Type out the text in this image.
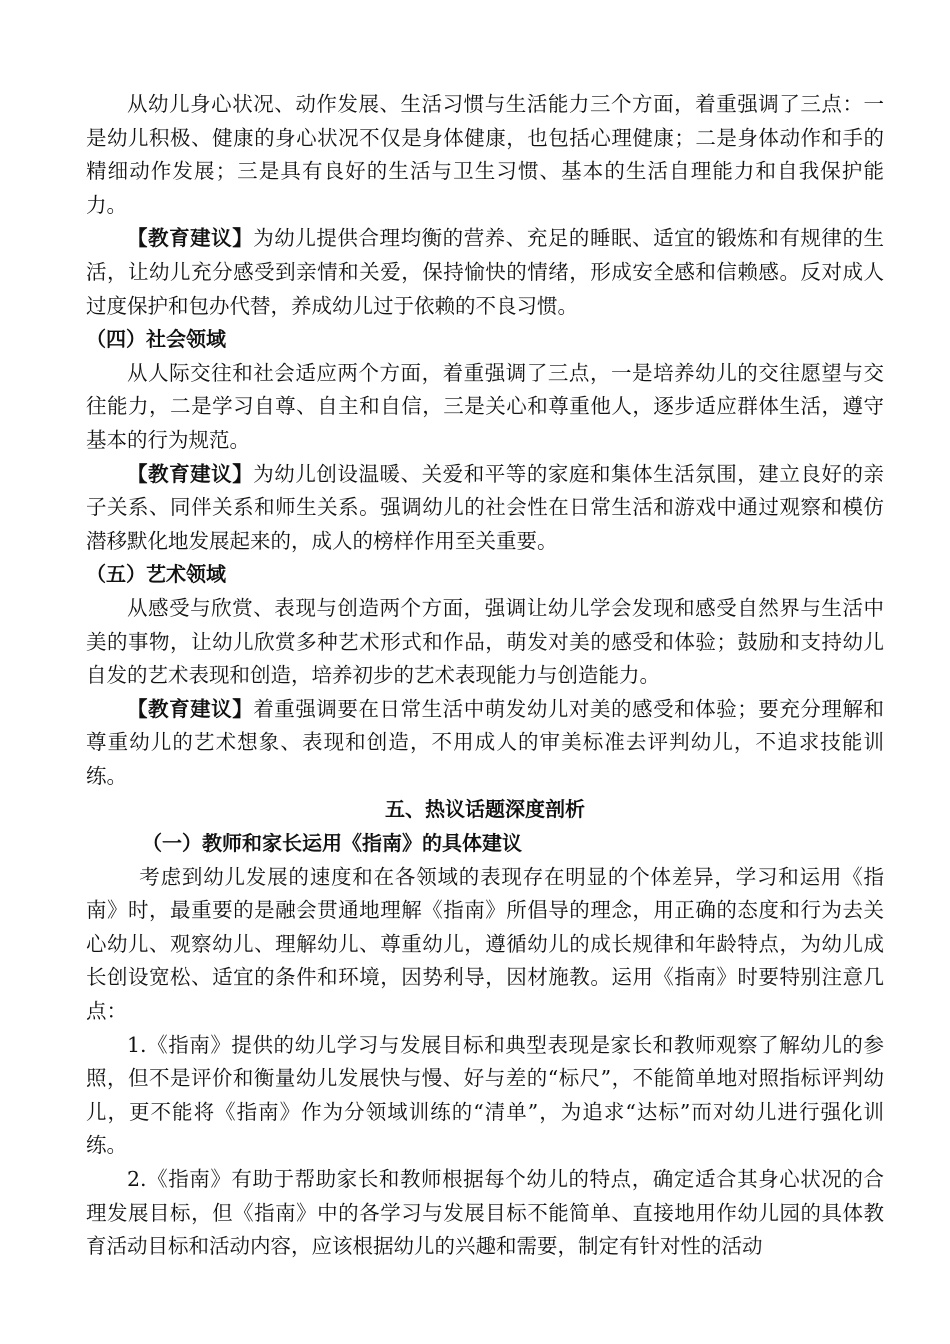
从幼儿身心状况、动作发展、生活习惯与生活能力三个方面，着重强调了三点：一是幼儿积极、健康的身心状况不仅是身体健康，也包括心理健康；二是身体动作和手的精细动作发展；三是具有良好的生活与卫生习惯、基本的生活自理能力和自我保护能力。

【教育建议】为幼儿提供合理均衡的营养、充足的睡眠、适宜的锻炼和有规律的生活，让幼儿充分感受到亲情和关爱，保持愉快的情绪，形成安全感和信赖感。反对成人过度保护和包办代替，养成幼儿过于依赖的不良习惯。

（四）社会领域

从人际交往和社会适应两个方面，着重强调了三点，一是培养幼儿的交往愿望与交往能力，二是学习自尊、自主和自信，三是关心和尊重他人，逐步适应群体生活，遵守基本的行为规范。

【教育建议】为幼儿创设温暖、关爱和平等的家庭和集体生活氛围，建立良好的亲子关系、同伴关系和师生关系。强调幼儿的社会性在日常生活和游戏中通过观察和模仿潜移默化地发展起来的，成人的榜样作用至关重要。

（五）艺术领域

从感受与欣赏、表现与创造两个方面，强调让幼儿学会发现和感受自然界与生活中美的事物，让幼儿欣赏多种艺术形式和作品，萌发对美的感受和体验；鼓励和支持幼儿自发的艺术表现和创造，培养初步的艺术表现能力与创造能力。

【教育建议】着重强调要在日常生活中萌发幼儿对美的感受和体验；要充分理解和尊重幼儿的艺术想象、表现和创造，不用成人的审美标准去评判幼儿，不追求技能训练。

五、热议话题深度剖析

（一）教师和家长运用《指南》的具体建议

考虑到幼儿发展的速度和在各领域的表现存在明显的个体差异，学习和运用《指南》时，最重要的是融会贯通地理解《指南》所倡导的理念，用正确的态度和行为去关心幼儿、观察幼儿、理解幼儿、尊重幼儿，遵循幼儿的成长规律和年龄特点，为幼儿成长创设宽松、适宜的条件和环境，因势利导，因材施教。运用《指南》时要特别注意几点：

1.《指南》提供的幼儿学习与发展目标和典型表现是家长和教师观察了解幼儿的参照，但不是评价和衡量幼儿发展快与慢、好与差的“标尺”，不能简单地对照指标评判幼儿，更不能将《指南》作为分领域训练的“清单”，为追求“达标”而对幼儿进行强化训练。

2.《指南》有助于帮助家长和教师根据每个幼儿的特点，确定适合其身心状况的合理发展目标，但《指南》中的各学习与发展目标不能简单、直接地用作幼儿园的具体教育活动目标和活动内容，应该根据幼儿的兴趣和需要，制定有针对性的活动
